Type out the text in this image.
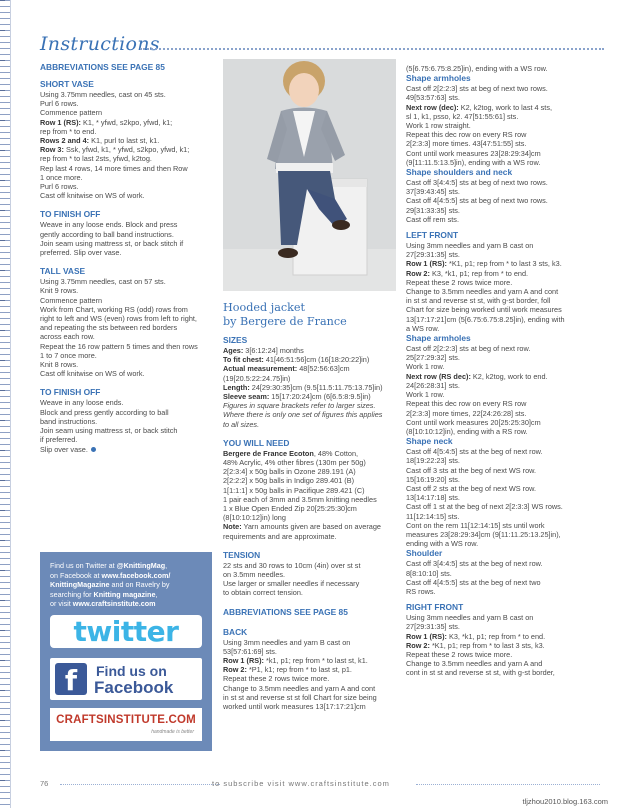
Instructions

ABBREVIATIONS SEE PAGE 85

SHORT VASE

Using 3.75mm needles, cast on 45 sts.

Purl 6 rows.

Commence pattern

Row 1 (RS): K1, * yfwd, s2kpo, yfwd, k1;

rep from * to end.

Rows 2 and 4: K1, purl to last st, k1.

Row 3: Ssk, yfwd, k1, * yfwd, s2kpo, yfwd, k1;

rep from * to last 2sts, yfwd, k2tog.

Rep last 4 rows, 14 more times and then Row

1 once more.

Purl 6 rows.

Cast off knitwise on WS of work.

TO FINISH OFF

Weave in any loose ends. Block and press

gently according to ball band instructions.

Join seam using mattress st, or back stitch if

preferred. Slip over vase.

TALL VASE

Using 3.75mm needles, cast on 57 sts.

Knit 9 rows.

Commence pattern

Work from Chart, working RS (odd) rows from

right to left and WS (even) rows from left to right,

and repeating the sts between red borders

across each row.

Repeat the 16 row pattern 5 times and then rows

1 to 7 once more.

Knit 8 rows.

Cast off knitwise on WS of work.

TO FINISH OFF

Weave in any loose ends.

Block and press gently according to ball

band instructions.

Join seam using mattress st, or back stitch

if preferred.

Slip over vase.

Find us on Twitter at @KnittingMag,
on Facebook at www.facebook.com/
KnittingMagazine and on Ravelry by
searching for Knitting magazine,
or visit www.craftsinstitute.com
twitter
f	Find us on
Facebook
CRAFTSINSTITUTE.COM
handmade is better
Hooded jacket
by Bergere de France

SIZES

Ages: 3[6:12:24] months

To fit chest: 41[46:51:56]cm (16[18:20:22]in)

Actual measurement: 48[52:56:63]cm

(19[20.5:22:24.75]in)

Length: 24[29:30:35]cm (9.5[11.5:11.75:13.75]in)

Sleeve seam: 15[17:20:24]cm (6[6.5:8:9.5]in)

Figures in square brackets refer to larger sizes.

Where there is only one set of figures this applies

to all sizes.

YOU WILL NEED

Bergere de France Ecoton, 48% Cotton,

48% Acrylic, 4% other fibres (130m per 50g)

2[2:3:4] x 50g balls in Ozone 289.191 (A)

2[2:2:2] x 50g balls in Indigo 289.401 (B)

1[1:1:1] x 50g balls in Pacifique 289.421 (C)

1 pair each of 3mm and 3.5mm knitting needles

1 x Blue Open Ended Zip 20[25:25:30]cm

(8[10:10:12]in) long

Note: Yarn amounts given are based on average

requirements and are approximate.

TENSION

22 sts and 30 rows to 10cm (4in) over st st

on 3.5mm needles.

Use larger or smaller needles if necessary

to obtain correct tension.

ABBREVIATIONS SEE PAGE 85

BACK

Using 3mm needles and yarn B cast on

53[57:61:69] sts.

Row 1 (RS): *k1, p1; rep from * to last st, k1.

Row 2: *P1, k1; rep from * to last st, p1.

Repeat these 2 rows twice more.

Change to 3.5mm needles and yarn A and cont

in st st and reverse st st foll Chart for size being

worked until work measures 13[17:17:21]cm

(5[6.75:6.75:8.25]in), ending with a WS row.

Shape armholes

Cast off 2[2:2:3] sts at beg of next two rows.

49[53:57:63] sts.

Next row (dec): K2, k2tog, work to last 4 sts,

sl 1, k1, psso, k2. 47[51:55:61] sts.

Work 1 row straight.

Repeat this dec row on every RS row

2[2:3:3] more times. 43[47:51:55] sts.

Cont until work measures 23[28:29:34]cm

(9[11:11.5:13.5]in), ending with a WS row.

Shape shoulders and neck

Cast off 3[4:4:5] sts at beg of next two rows.

37[39:43:45] sts.

Cast off 4[4:5:5] sts at beg of next two rows.

29[31:33:35] sts.

Cast off rem sts.

LEFT FRONT

Using 3mm needles and yarn B cast on

27[29:31:35] sts.

Row 1 (RS): *K1, p1; rep from * to last 3 sts, k3.

Row 2: K3, *k1, p1; rep from * to end.

Repeat these 2 rows twice more.

Change to 3.5mm needles and yarn A and cont

in st st and reverse st st, with g-st border, foll

Chart for size being worked until work measures

13[17:17:21]cm (5[6.75:6.75:8.25]in), ending with

a WS row.

Shape armholes

Cast off 2[2:2:3] sts at beg of next row.

25[27:29:32] sts.

Work 1 row.

Next row (RS dec): K2, k2tog, work to end.

24[26:28:31] sts.

Work 1 row.

Repeat this dec row on every RS row

2[2:3:3] more times, 22[24:26:28] sts.

Cont until work measures 20[25:25:30]cm

(8[10:10:12]in), ending with a RS row.

Shape neck

Cast off 4[5:4:5] sts at the beg of next row.

18[19:22:23] sts.

Cast off 3 sts at the beg of next WS row.

15[16:19:20] sts.

Cast off 2 sts at the beg of next WS row.

13[14:17:18] sts.

Cast off 1 st at the beg of next 2[2:3:3] WS rows.

11[12:14:15] sts.

Cont on the rem 11[12:14:15] sts until work

measures 23[28:29:34]cm (9[11:11.25:13.25]in),

ending with a WS row.

Shoulder

Cast off 3[4:4:5] sts at the beg of next row.

8[8:10:10] sts.

Cast off 4[4:5:5] sts at the beg of next two

RS rows.

RIGHT FRONT

Using 3mm needles and yarn B cast on

27[29:31:35] sts.

Row 1 (RS): K3, *k1, p1; rep from * to end.

Row 2: *K1, p1; rep from * to last 3 sts, k3.

Repeat these 2 rows twice more.

Change to 3.5mm needles and yarn A and

cont in st st and reverse st st, with g-st border,

76	to subscribe visit www.craftsinstitute.com
tljzhou2010.blog.163.com
